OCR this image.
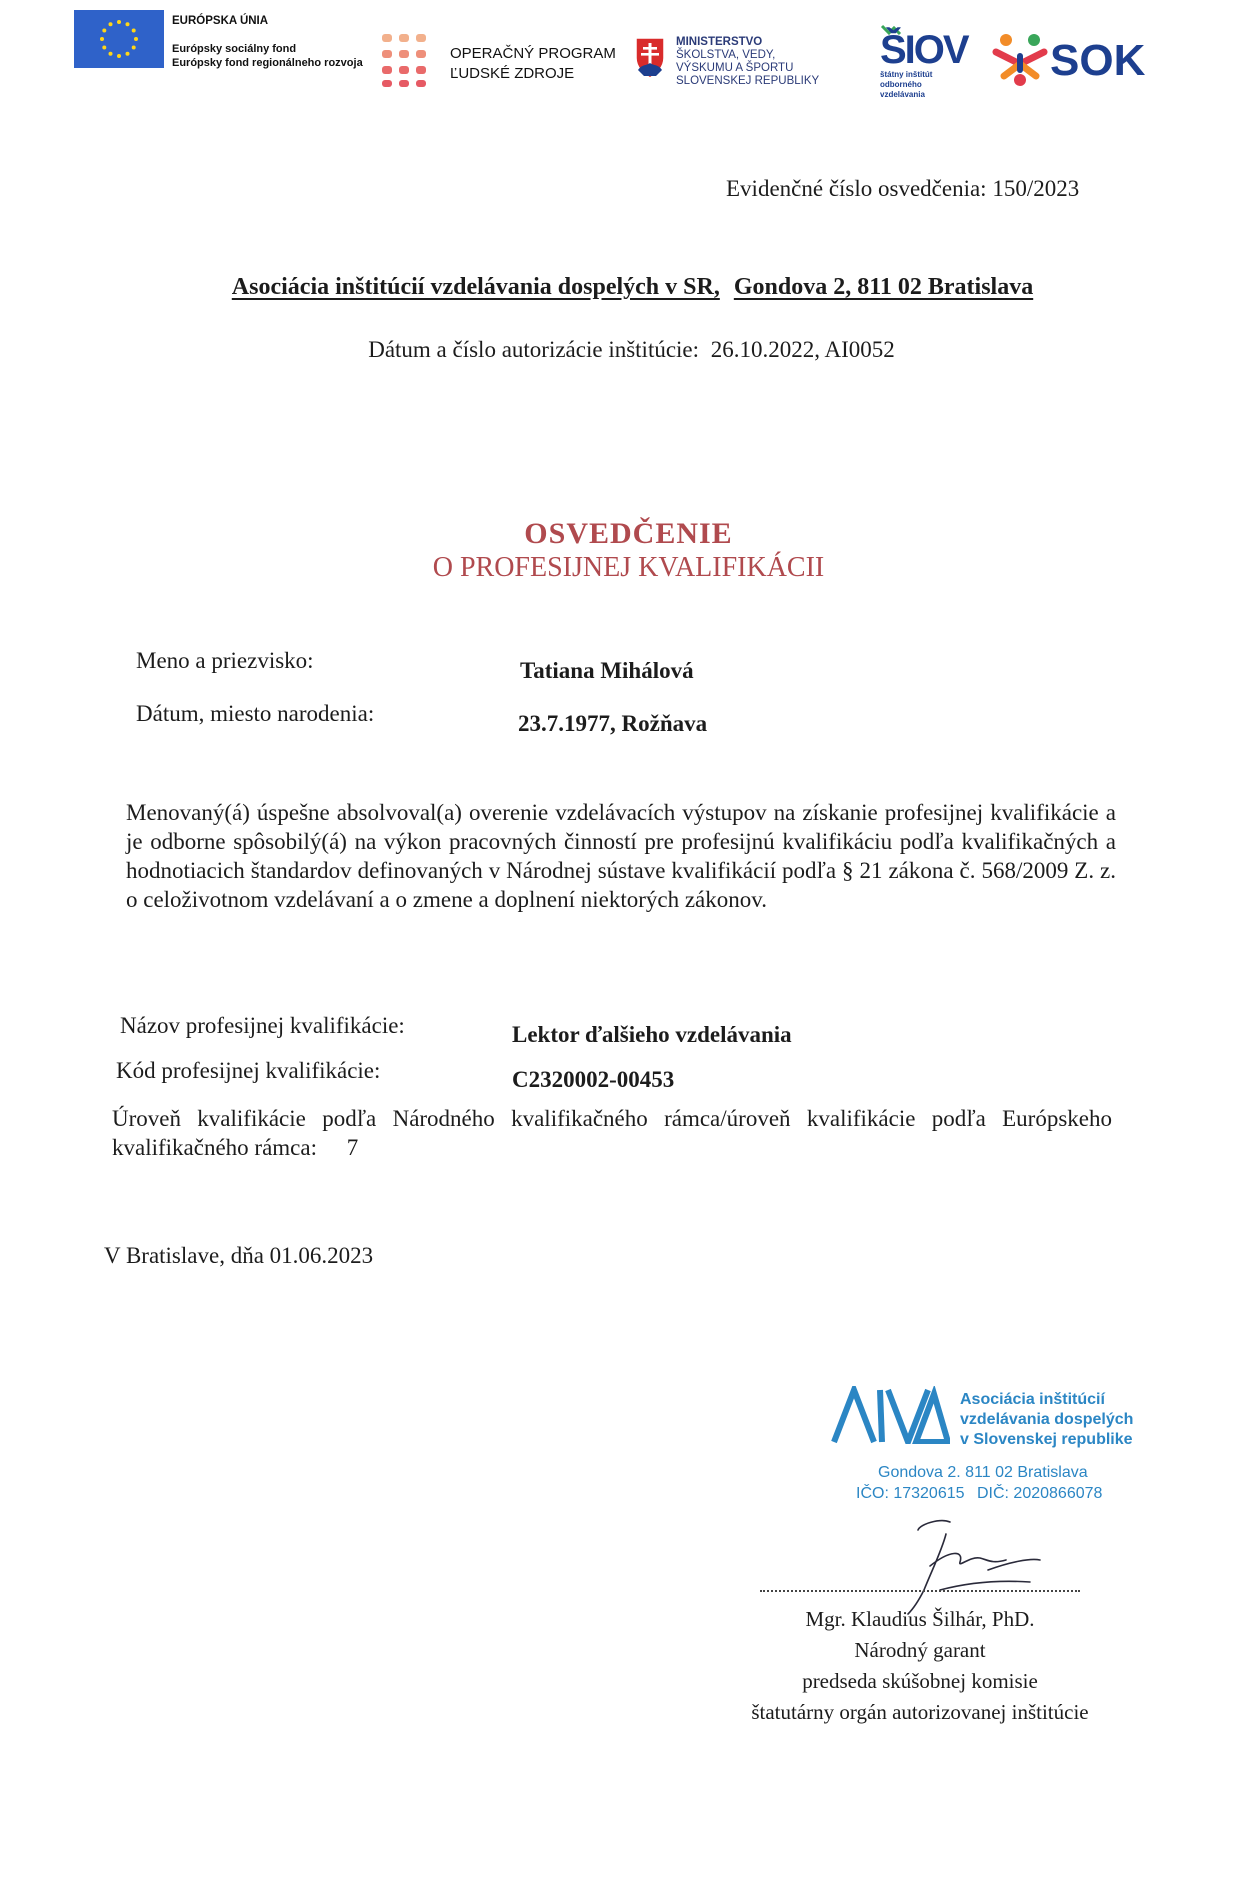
EURÓPSKA ÚNIA
Európsky sociálny fond
Európsky fond regionálneho rozvoja
OPERAČNÝ PROGRAM
ĽUDSKÉ ZDROJE
MINISTERSTVO
ŠKOLSTVA, VEDY,
VÝSKUMU A ŠPORTU
SLOVENSKEJ REPUBLIKY
ŠIOV
štátny inštitút
odborného
vzdelávania
SOK
Evidenčné číslo osvedčenia: 150/2023
Asociácia inštitúcií vzdelávania dospelých v SR, Gondova 2, 811 02 Bratislava
Dátum a číslo autorizácie inštitúcie: 26.10.2022, AI0052
OSVEDČENIE
O PROFESIJNEJ KVALIFIKÁCII
Meno a priezvisko:	Tatiana Mihálová
Dátum, miesto narodenia:	23.7.1977, Rožňava
Menovaný(á) úspešne absolvoval(a) overenie vzdelávacích výstupov na získanie profesijnej kvalifikácie a je odborne spôsobilý(á) na výkon pracovných činností pre profesijnú kvalifikáciu podľa kvalifikačných a hodnotiacich štandardov definovaných v Národnej sústave kvalifikácií podľa § 21 zákona č. 568/2009 Z. z. o celoživotnom vzdelávaní a o zmene a doplnení niektorých zákonov.
Názov profesijnej kvalifikácie:	Lektor ďalšieho vzdelávania
Kód profesijnej kvalifikácie:	C2320002-00453
Úroveň kvalifikácie podľa Národného kvalifikačného rámca/úroveň kvalifikácie podľa Európskeho kvalifikačného rámca: 7
V Bratislave, dňa 01.06.2023
Asociácia inštitúcií
vzdelávania dospelých
v Slovenskej republike
Gondova 2. 811 02 Bratislava
IČO: 17320615 DIČ: 2020866078
Mgr. Klaudius Šilhár, PhD.
Národný garant
predseda skúšobnej komisie
štatutárny orgán autorizovanej inštitúcie
